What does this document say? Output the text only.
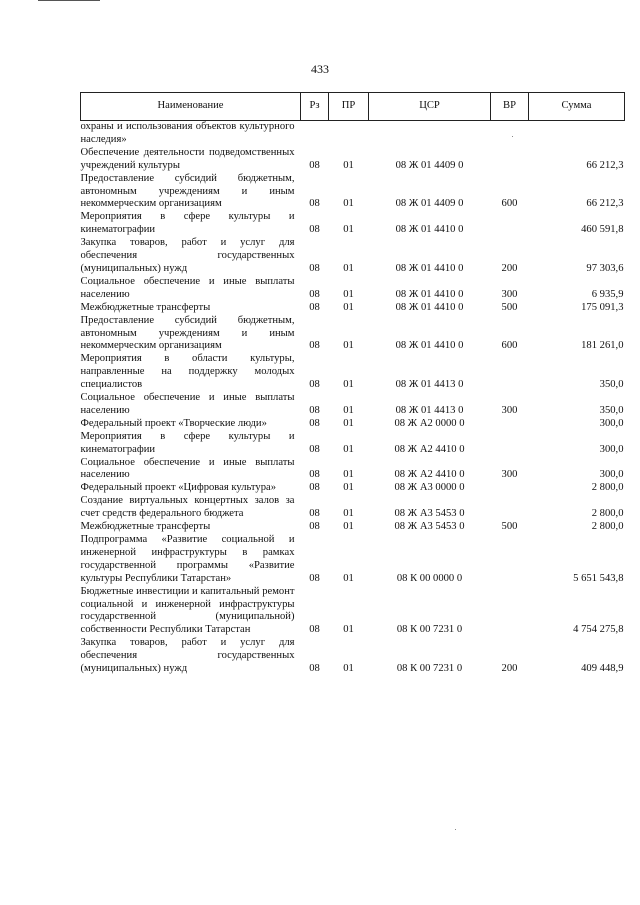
433
Наименование	Рз	ПР	ЦСР	ВР	Сумма
охраны и использования объектов культурного наследия»					
Обеспечение деятельности подведомственных учреждений культуры	08	01	08 Ж 01 4409 0		66 212,3
Предоставление субсидий бюджетным, автономным учреждениям и иным некоммерческим организациям	08	01	08 Ж 01 4409 0	600	66 212,3
Мероприятия в сфере культуры и кинематографии	08	01	08 Ж 01 4410 0		460 591,8
Закупка товаров, работ и услуг для обеспечения государственных (муниципальных) нужд	08	01	08 Ж 01 4410 0	200	97 303,6
Социальное обеспечение и иные выплаты населению	08	01	08 Ж 01 4410 0	300	6 935,9
Межбюджетные трансферты	08	01	08 Ж 01 4410 0	500	175 091,3
Предоставление субсидий бюджетным, автономным учреждениям и иным некоммерческим организациям	08	01	08 Ж 01 4410 0	600	181 261,0
Мероприятия в области культуры, направленные на поддержку молодых специалистов	08	01	08 Ж 01 4413 0		350,0
Социальное обеспечение и иные выплаты населению	08	01	08 Ж 01 4413 0	300	350,0
Федеральный проект «Творческие люди»	08	01	08 Ж А2 0000 0		300,0
Мероприятия в сфере культуры и кинематографии	08	01	08 Ж А2 4410 0		300,0
Социальное обеспечение и иные выплаты населению	08	01	08 Ж А2 4410 0	300	300,0
Федеральный проект «Цифровая культура»	08	01	08 Ж А3 0000 0		2 800,0
Создание виртуальных концертных залов за счет средств федерального бюджета	08	01	08 Ж А3 5453 0		2 800,0
Межбюджетные трансферты	08	01	08 Ж А3 5453 0	500	2 800,0
Подпрограмма «Развитие социальной и инженерной инфраструктуры в рамках государственной программы «Развитие культуры Республики Татарстан»	08	01	08 К 00 0000 0		5 651 543,8
Бюджетные инвестиции и капитальный ремонт социальной и инженерной инфраструктуры государственной (муниципальной) собственности Республики Татарстан	08	01	08 К 00 7231 0		4 754 275,8
Закупка товаров, работ и услуг для обеспечения государственных (муниципальных) нужд	08	01	08 К 00 7231 0	200	409 448,9
